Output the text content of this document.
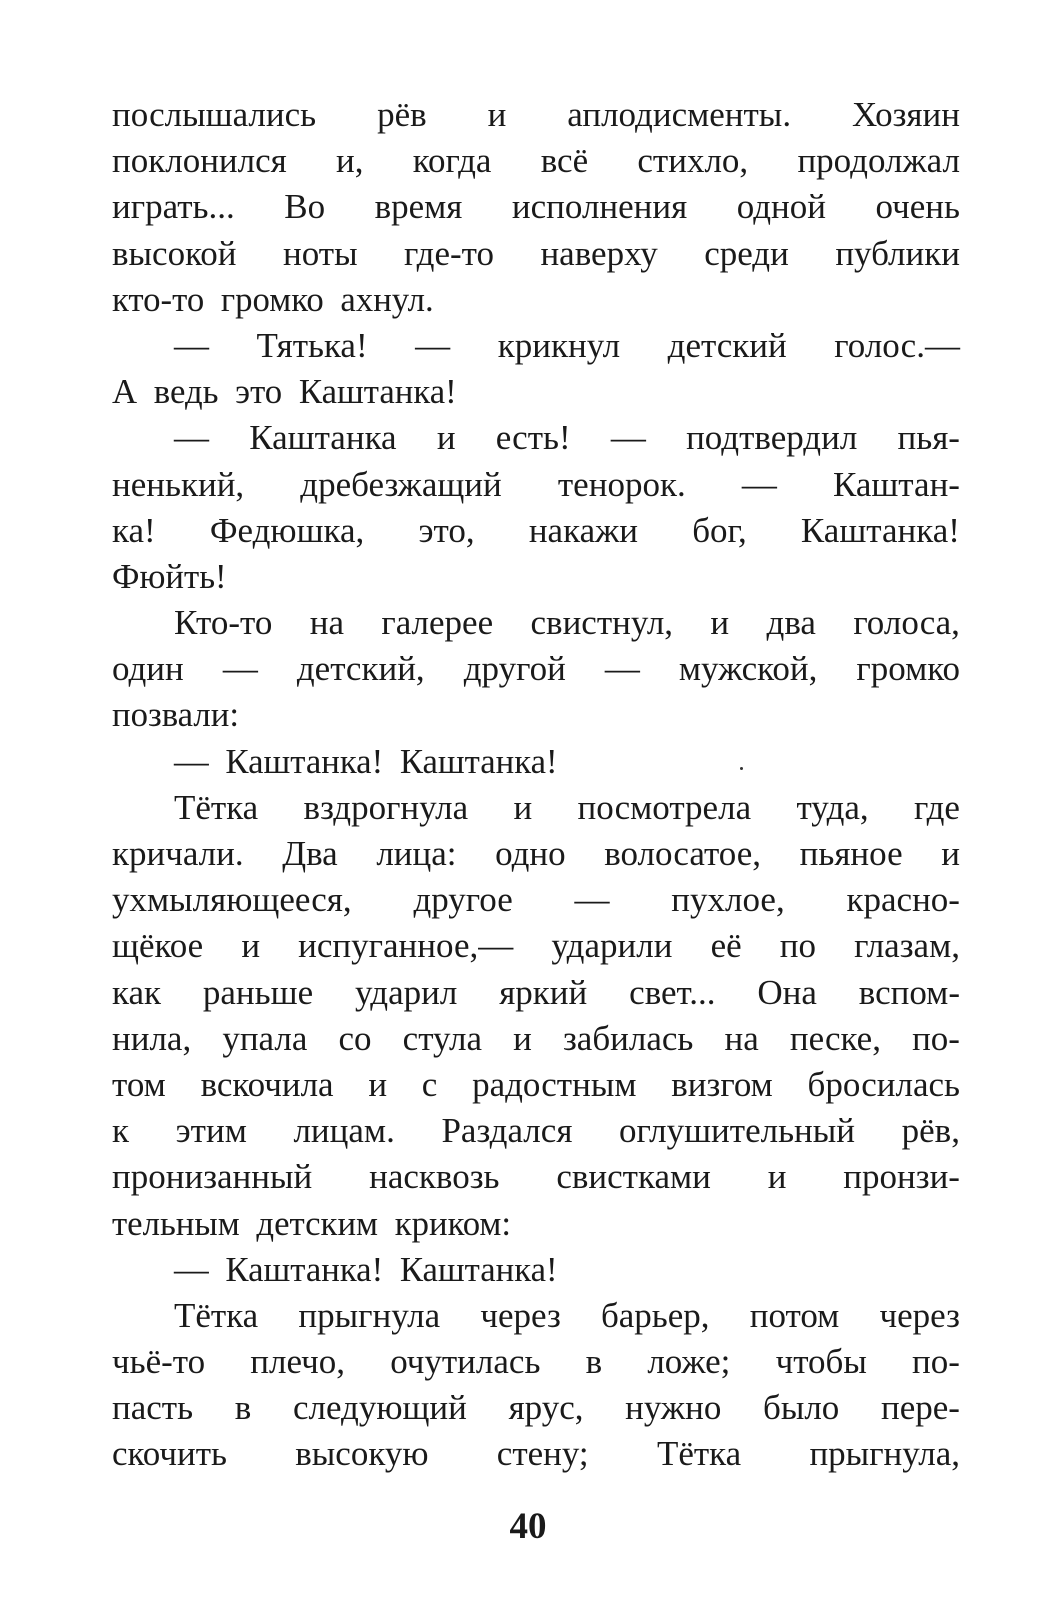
послышались рёв и аплодисменты. Хозяин
поклонился и, когда всё стихло, продолжал
играть... Во время исполнения одной очень
высокой ноты где-то наверху среди публики
кто-то громко ахнул.
— Тятька! — крикнул детский голос.—
А ведь это Каштанка!
— Каштанка и есть! — подтвердил пья-
ненький, дребезжащий тенорок. — Каштан-
ка! Федюшка, это, накажи бог, Каштанка!
Фюйть!
Кто-то на галерее свистнул, и два голоса,
один — детский, другой — мужской, громко
позвали:
— Каштанка! Каштанка!
Тётка вздрогнула и посмотрела туда, где
кричали. Два лица: одно волосатое, пьяное и
ухмыляющееся, другое — пухлое, красно-
щёкое и испуганное,— ударили её по глазам,
как раньше ударил яркий свет... Она вспом-
нила, упала со стула и забилась на песке, по-
том вскочила и с радостным визгом бросилась
к этим лицам. Раздался оглушительный рёв,
пронизанный насквозь свистками и пронзи-
тельным детским криком:
— Каштанка! Каштанка!
Тётка прыгнула через барьер, потом через
чьё-то плечо, очутилась в ложе; чтобы по-
пасть в следующий ярус, нужно было пере-
скочить высокую стену; Тётка прыгнула,
40
